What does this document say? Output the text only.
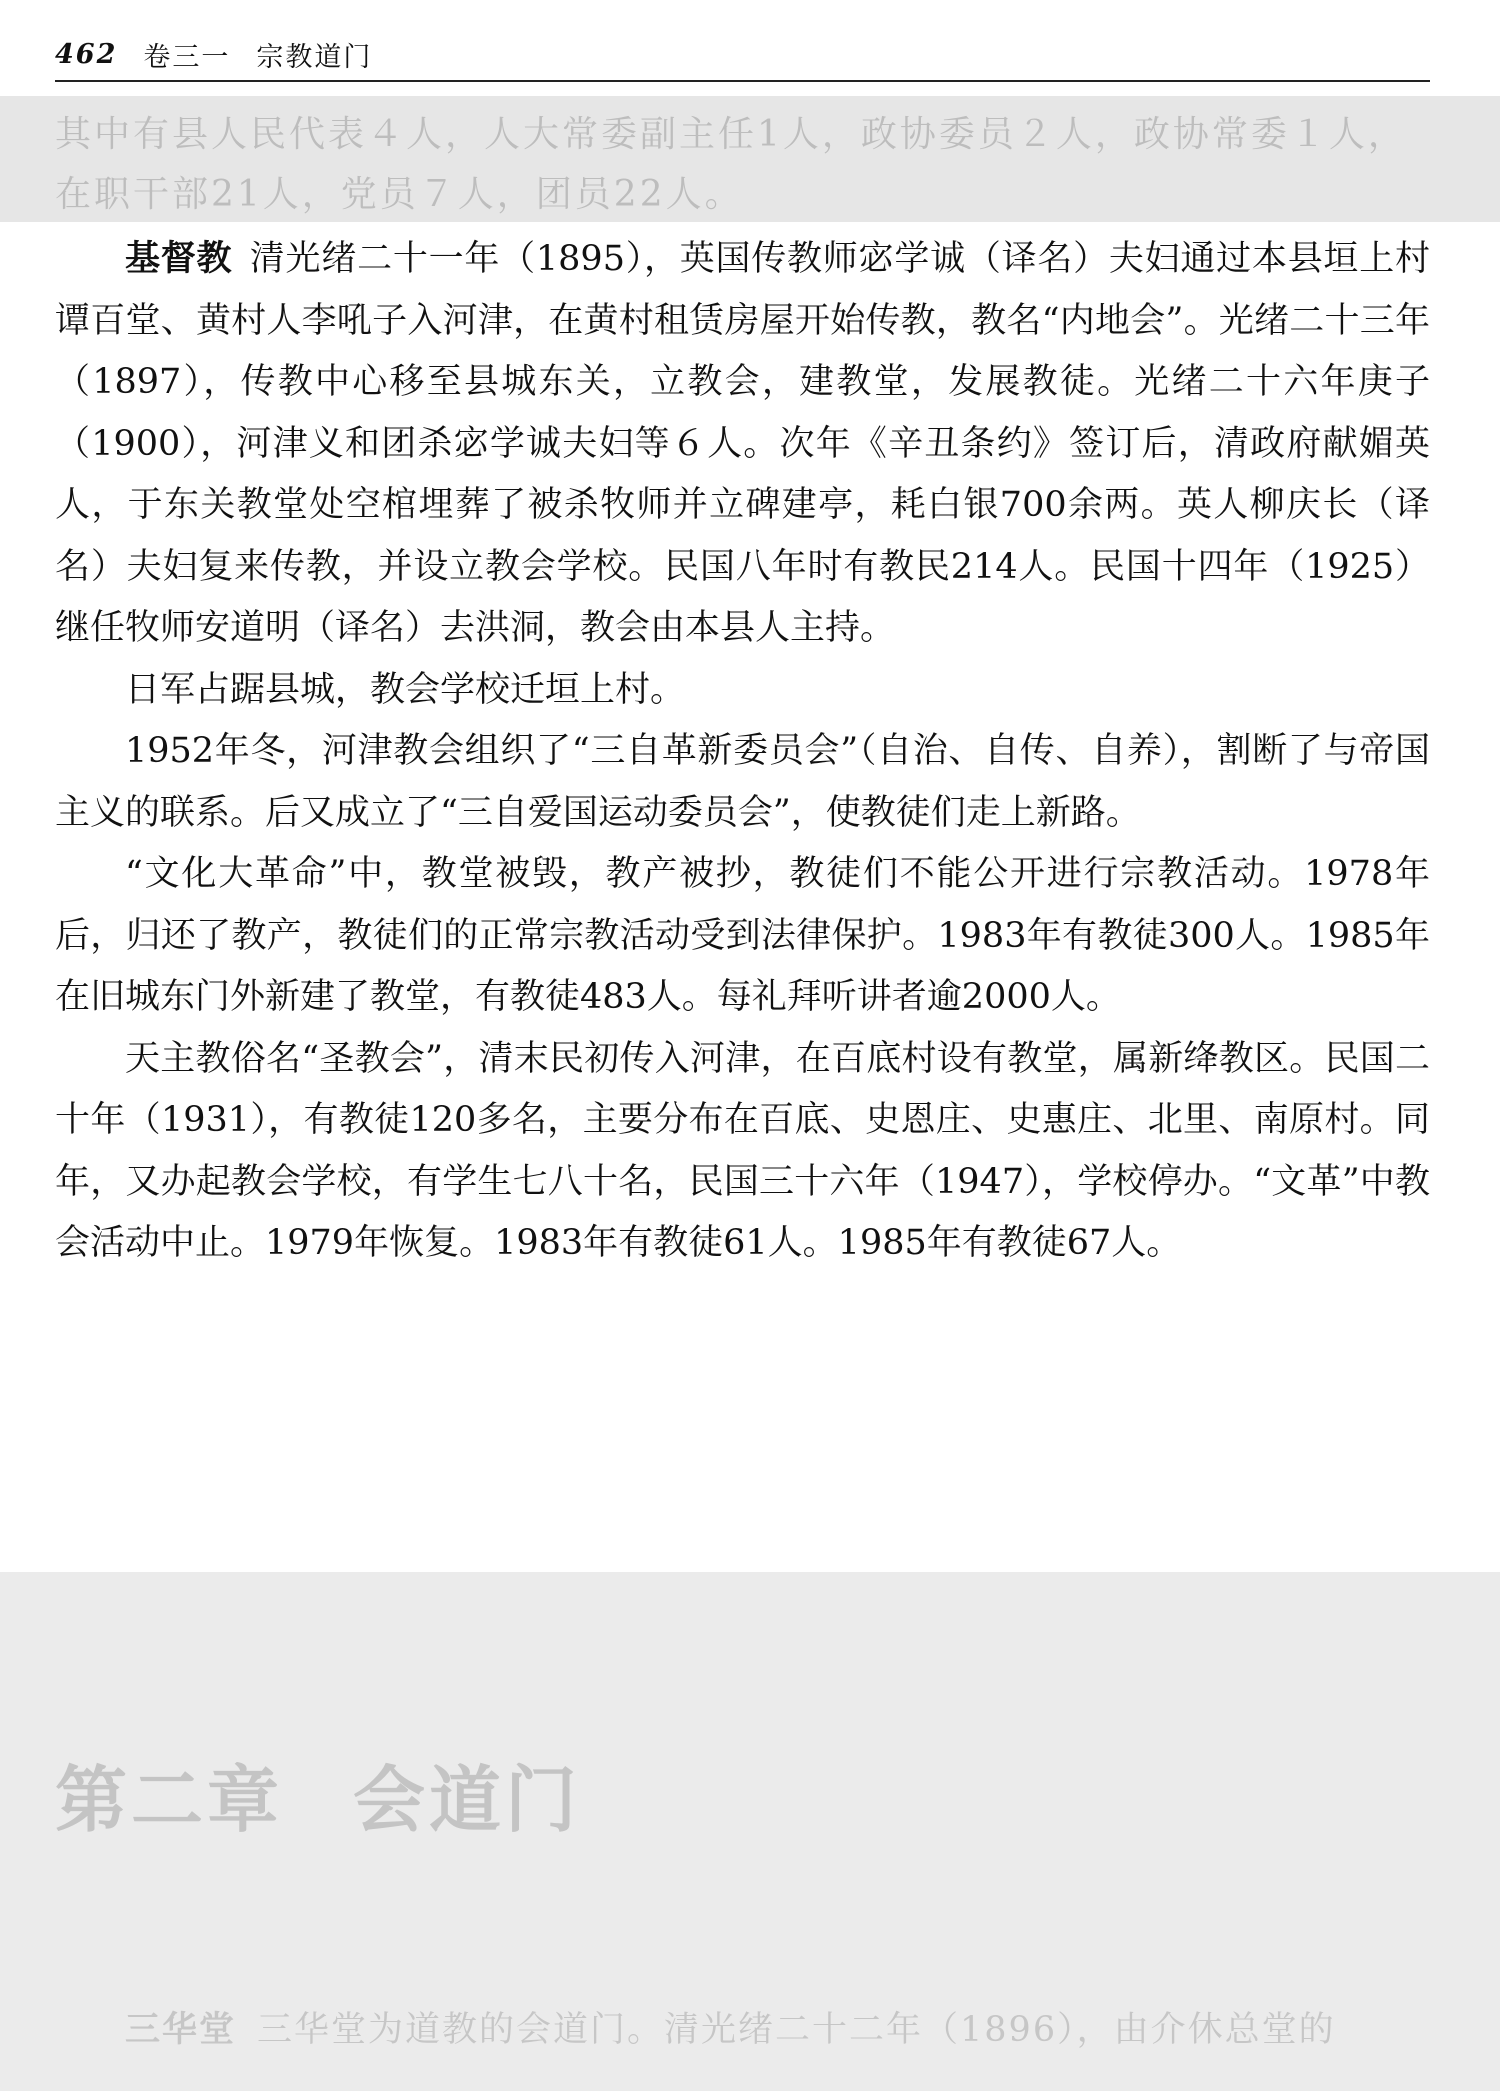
462 卷三一 宗教道门

其中有县人民代表４人，人大常委副主任1人，政协委员２人，政协常委１人，

在职干部21人，党员７人，团员22人。

基督教 清光绪二十一年（1895），英国传教师宓学诚（译名）夫妇通过本县垣上村谭百堂、黄村人李吼子入河津，在黄村租赁房屋开始传教，教名“内地会”。光绪二十三年（1897），传教中心移至县城东关，立教会，建教堂，发展教徒。光绪二十六年庚子（1900），河津义和团杀宓学诚夫妇等６人。次年《辛丑条约》签订后，清政府献媚英人，于东关教堂处空棺埋葬了被杀牧师并立碑建亭，耗白银700余两。英人柳庆长（译名）夫妇复来传教，并设立教会学校。民国八年时有教民214人。民国十四年（1925）继任牧师安道明（译名）去洪洞，教会由本县人主持。

日军占踞县城，教会学校迁垣上村。

1952年冬，河津教会组织了“三自革新委员会”（自治、自传、自养），割断了与帝国主义的联系。后又成立了“三自爱国运动委员会”，使教徒们走上新路。

“文化大革命”中，教堂被毁，教产被抄，教徒们不能公开进行宗教活动。1978年后，归还了教产，教徒们的正常宗教活动受到法律保护。1983年有教徒300人。1985年在旧城东门外新建了教堂，有教徒483人。每礼拜听讲者逾2000人。

天主教俗名“圣教会”，清末民初传入河津，在百底村设有教堂，属新绛教区。民国二十年（1931），有教徒120多名，主要分布在百底、史恩庄、史惠庄、北里、南原村。同年，又办起教会学校，有学生七八十名，民国三十六年（1947），学校停办。“文革”中教会活动中止。1979年恢复。1983年有教徒61人。1985年有教徒67人。

第二章 会道门
三华堂 三华堂为道教的会道门。清光绪二十二年（1896），由介休总堂的
